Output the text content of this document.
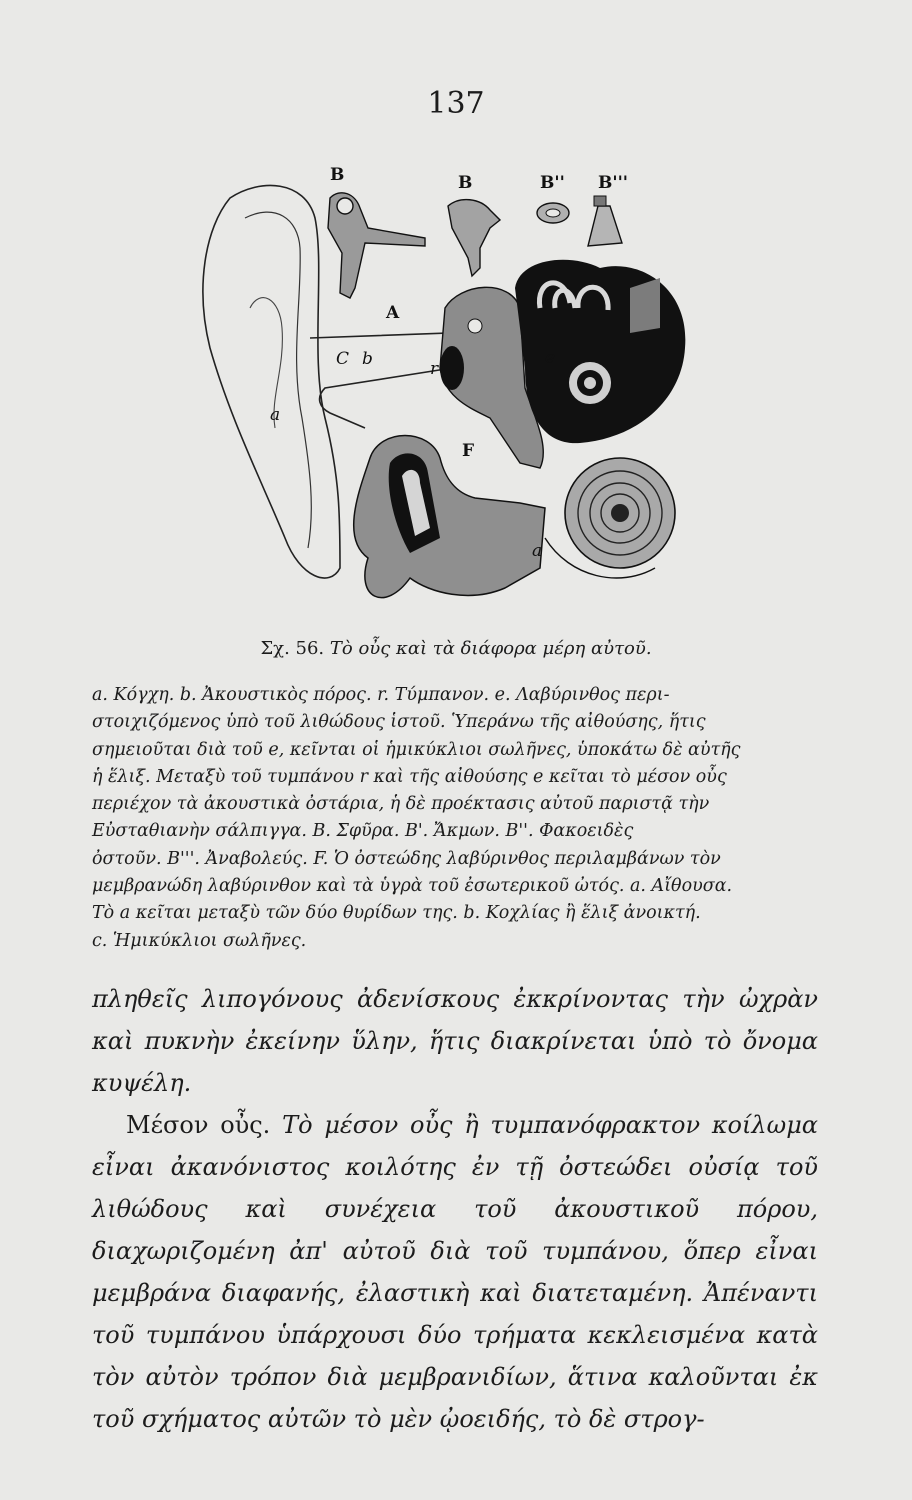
137
B	B	B'' B'''
A
C b	r
e
a
F
a
Σχ. 56. Τὸ οὖς καὶ τὰ διάφορα μέρη αὐτοῦ.
a. Κόγχη. b. Ἀκουστικὸς πόρος. r. Τύμπανον. e. Λαβύρινθος περι-
στοιχιζόμενος ὑπὸ τοῦ λιθώδους ἱστοῦ. Ὑπεράνω τῆς αἰθούσης, ἥτις
σημειοῦται διὰ τοῦ e, κεῖνται οἱ ἡμικύκλιοι σωλῆνες, ὑποκάτω δὲ αὐτῆς
ἡ ἕλιξ. Μεταξὺ τοῦ τυμπάνου r καὶ τῆς αἰθούσης e κεῖται τὸ μέσον οὖς
περιέχον τὰ ἀκουστικὰ ὀστάρια, ἡ δὲ προέκτασις αὐτοῦ παριστᾷ τὴν
Εὐσταθιανὴν σάλπιγγα. B. Σφῦρα. B'. Ἄκμων. B''. Φακοειδὲς
ὀστοῦν. B'''. Ἀναβολεύς. F. Ὁ ὀστεώδης λαβύρινθος περιλαμβάνων τὸν
μεμβρανώδη λαβύρινθον καὶ τὰ ὑγρὰ τοῦ ἐσωτερικοῦ ὠτός. a. Αἴθουσα.
Τὸ a κεῖται μεταξὺ τῶν δύο θυρίδων της. b. Κοχλίας ἢ ἕλιξ ἀνοικτή.
c. Ἡμικύκλιοι σωλῆνες.

πληθεῖς λιπογόνους ἀδενίσκους ἐκκρίνοντας τὴν ὠχρὰν καὶ πυκνὴν ἐκείνην ὕλην, ἥτις διακρίνεται ὑπὸ τὸ ὄνομα κυψέλη.

Μέσον οὖς. Τὸ μέσον οὖς ἢ τυμπανόφρακτον κοίλωμα εἶναι ἀκανόνιστος κοιλότης ἐν τῇ ὀστεώδει οὐσίᾳ τοῦ λιθώδους καὶ συνέχεια τοῦ ἀκουστικοῦ πόρου, διαχωριζομένη ἀπ' αὐτοῦ διὰ τοῦ τυμπάνου, ὅπερ εἶναι μεμβράνα διαφανής, ἐλαστικὴ καὶ διατεταμένη. Ἀπέναντι τοῦ τυμπάνου ὑπάρχουσι δύο τρήματα κεκλεισμένα κατὰ τὸν αὐτὸν τρόπον διὰ μεμβρανιδίων, ἅτινα καλοῦνται ἐκ τοῦ σχήματος αὐτῶν τὸ μὲν ᾠοειδής, τὸ δὲ στρογ-
